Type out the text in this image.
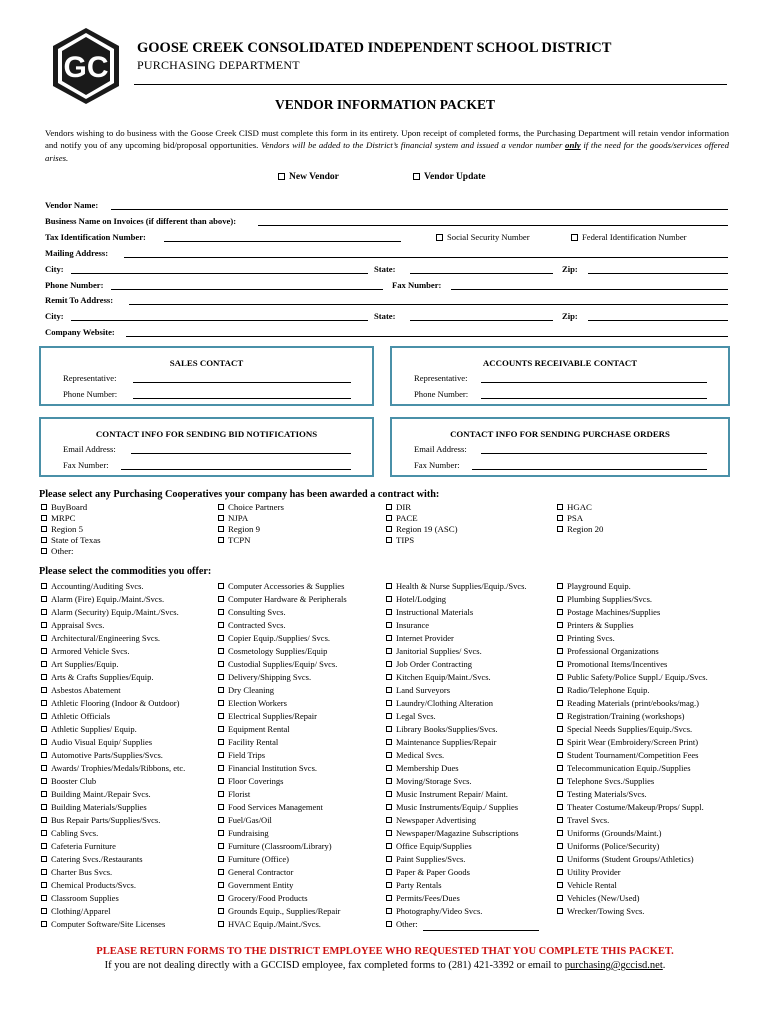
GC
GOOSE CREEK CONSOLIDATED INDEPENDENT SCHOOL DISTRICT
PURCHASING DEPARTMENT
VENDOR INFORMATION PACKET
Vendors wishing to do business with the Goose Creek CISD must complete this form in its entirety. Upon receipt of completed forms, the Purchasing Department will retain vendor information and notify you of any upcoming bid/proposal opportunities. Vendors will be added to the District’s financial system and issued a vendor number only if the need for the goods/services offered arises.
New Vendor	Vendor Update
Vendor Name:
Business Name on Invoices (if different than above):
Tax Identification Number:	Social Security Number	Federal Identification Number
Mailing Address:
City:	State:	Zip:
Phone Number:	Fax Number:
Remit To Address:
City:	State:	Zip:
Company Website:
SALES CONTACT
Representative:
Phone Number:
ACCOUNTS RECEIVABLE CONTACT
Representative:
Phone Number:
CONTACT INFO FOR SENDING BID NOTIFICATIONS
Email Address:
Fax Number:
CONTACT INFO FOR SENDING PURCHASE ORDERS
Email Address:
Fax Number:
Please select any Purchasing Cooperatives your company has been awarded a contract with:
BuyBoard
MRPC
Region 5
State of Texas
Other:
Choice Partners
NJPA
Region 9
TCPN
DIR
PACE
Region 19 (ASC)
TIPS
HGAC
PSA
Region 20
Please select the commodities you offer:
Accounting/Auditing Svcs.
Alarm (Fire) Equip./Maint./Svcs.
Alarm (Security) Equip./Maint./Svcs.
Appraisal Svcs.
Architectural/Engineering Svcs.
Armored Vehicle Svcs.
Art Supplies/Equip.
Arts & Crafts Supplies/Equip.
Asbestos Abatement
Athletic Flooring (Indoor & Outdoor)
Athletic Officials
Athletic Supplies/ Equip.
Audio Visual Equip/ Supplies
Automotive Parts/Supplies/Svcs.
Awards/ Trophies/Medals/Ribbons, etc.
Booster Club
Building Maint./Repair Svcs.
Building Materials/Supplies
Bus Repair Parts/Supplies/Svcs.
Cabling Svcs.
Cafeteria Furniture
Catering Svcs./Restaurants
Charter Bus Svcs.
Chemical Products/Svcs.
Classroom Supplies
Clothing/Apparel
Computer Software/Site Licenses
Computer Accessories & Supplies
Computer Hardware & Peripherals
Consulting Svcs.
Contracted Svcs.
Copier Equip./Supplies/ Svcs.
Cosmetology Supplies/Equip
Custodial Supplies/Equip/ Svcs.
Delivery/Shipping Svcs.
Dry Cleaning
Election Workers
Electrical Supplies/Repair
Equipment Rental
Facility Rental
Field Trips
Financial Institution Svcs.
Floor Coverings
Florist
Food Services Management
Fuel/Gas/Oil
Fundraising
Furniture (Classroom/Library)
Furniture (Office)
General Contractor
Government Entity
Grocery/Food Products
Grounds Equip., Supplies/Repair
HVAC Equip./Maint./Svcs.
Health & Nurse Supplies/Equip./Svcs.
Hotel/Lodging
Instructional Materials
Insurance
Internet Provider
Janitorial Supplies/ Svcs.
Job Order Contracting
Kitchen Equip/Maint./Svcs.
Land Surveyors
Laundry/Clothing Alteration
Legal Svcs.
Library Books/Supplies/Svcs.
Maintenance Supplies/Repair
Medical Svcs.
Membership Dues
Moving/Storage Svcs.
Music Instrument Repair/ Maint.
Music Instruments/Equip./ Supplies
Newspaper Advertising
Newspaper/Magazine Subscriptions
Office Equip/Supplies
Paint Supplies/Svcs.
Paper & Paper Goods
Party Rentals
Permits/Fees/Dues
Photography/Video Svcs.
Other:
Playground Equip.
Plumbing Supplies/Svcs.
Postage Machines/Supplies
Printers & Supplies
Printing Svcs.
Professional Organizations
Promotional Items/Incentives
Public Safety/Police Suppl./ Equip./Svcs.
Radio/Telephone Equip.
Reading Materials (print/ebooks/mag.)
Registration/Training (workshops)
Special Needs Supplies/Equip./Svcs.
Spirit Wear (Embroidery/Screen Print)
Student Tournament/Competition Fees
Telecommunication Equip./Supplies
Telephone Svcs./Supplies
Testing Materials/Svcs.
Theater Costume/Makeup/Props/ Suppl.
Travel Svcs.
Uniforms (Grounds/Maint.)
Uniforms (Police/Security)
Uniforms (Student Groups/Athletics)
Utility Provider
Vehicle Rental
Vehicles (New/Used)
Wrecker/Towing Svcs.
PLEASE RETURN FORMS TO THE DISTRICT EMPLOYEE WHO REQUESTED THAT YOU COMPLETE THIS PACKET.
If you are not dealing directly with a GCCISD employee, fax completed forms to (281) 421-3392 or email to purchasing@gccisd.net.
